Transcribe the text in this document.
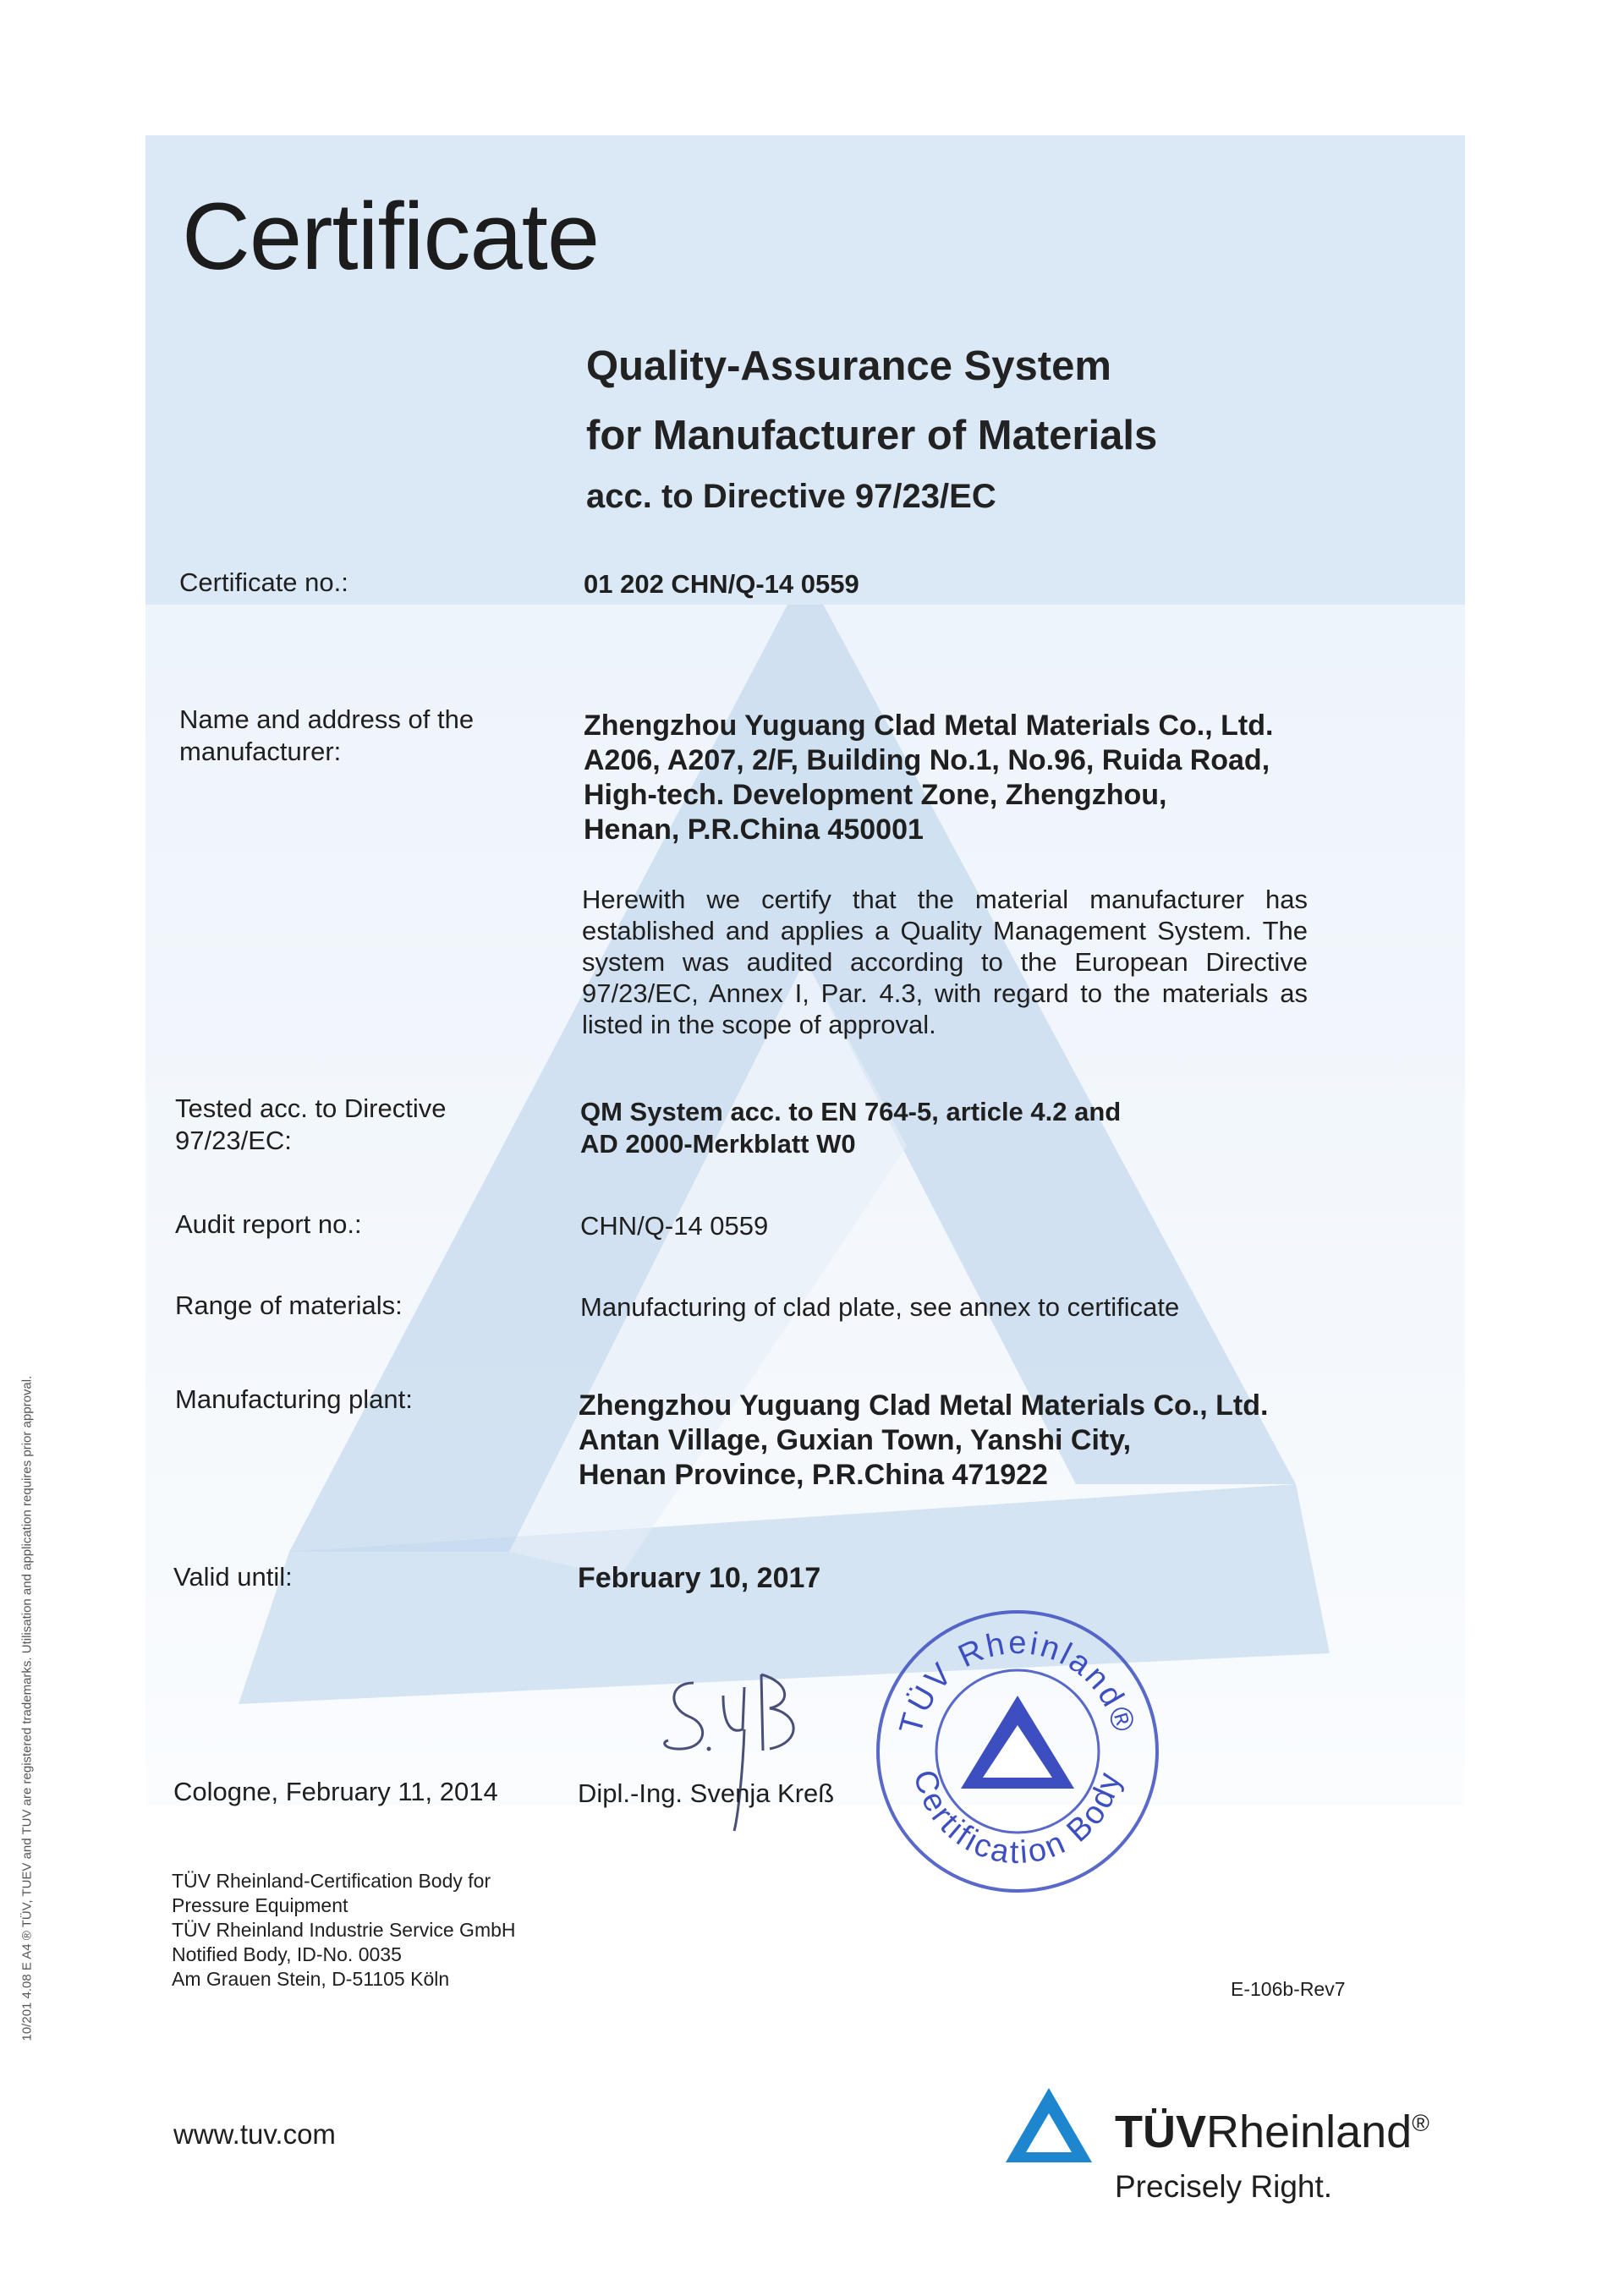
Certificate
Quality-Assurance System
for Manufacturer of Materials
acc. to Directive 97/23/EC
Certificate no.:	01 202 CHN/Q-14 0559
Name and address of the
manufacturer:
Zhengzhou Yuguang Clad Metal Materials Co., Ltd.
A206, A207, 2/F, Building No.1, No.96, Ruida Road,
High-tech. Development Zone, Zhengzhou,
Henan, P.R.China 450001
Herewith we certify that the material manufacturer has established and applies a Quality Management System. The system was audited according to the European Directive 97/23/EC, Annex I, Par. 4.3, with regard to the materials as listed in the scope of approval.
Tested acc. to Directive
97/23/EC:
QM System acc. to EN 764-5, article 4.2 and
AD 2000-Merkblatt W0
Audit report no.:	CHN/Q-14 0559
Range of materials:	Manufacturing of clad plate, see annex to certificate
Manufacturing plant:	Zhengzhou Yuguang Clad Metal Materials Co., Ltd.
Antan Village, Guxian Town, Yanshi City,
Henan Province, P.R.China 471922
Valid until:	February 10, 2017
Cologne, February 11, 2014	Dipl.-Ing. Svenja Kreß
TÜV Rheinland®
Certification Body
TÜV Rheinland-Certification Body for
Pressure Equipment
TÜV Rheinland Industrie Service GmbH
Notified Body, ID-No. 0035
Am Grauen Stein, D-51105 Köln	E-106b-Rev7
www.tuv.com	TÜVRheinland®
Precisely Right.
10/201 4.08 E A4 ® TÜV, TUEV and TUV are registered trademarks. Utilisation and application requires prior approval.
